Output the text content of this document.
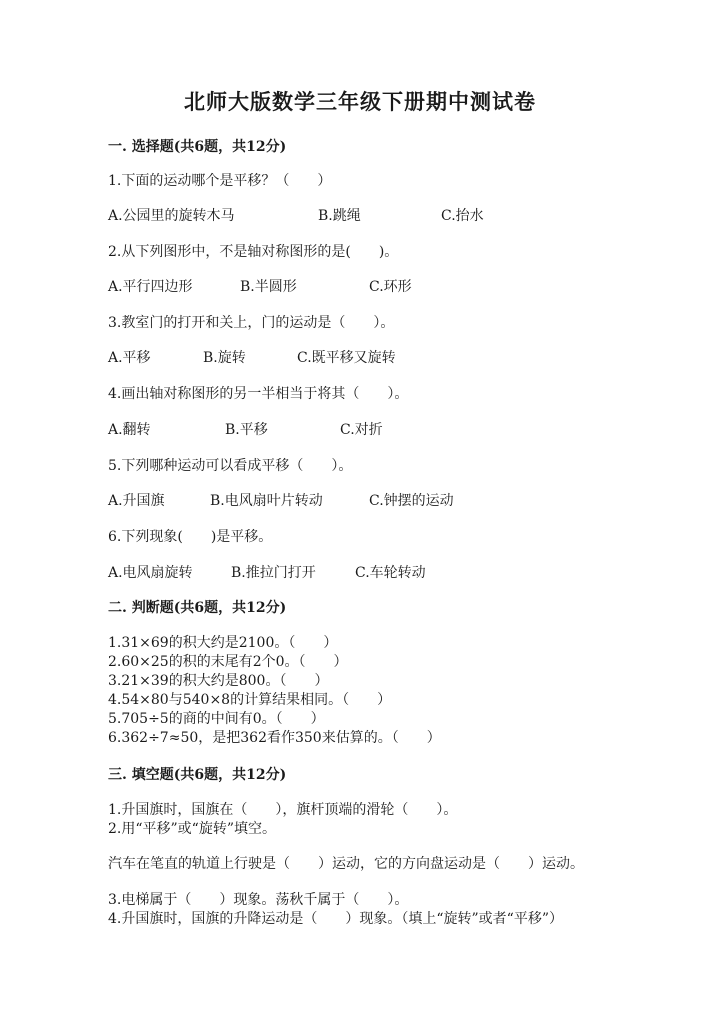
北师大版数学三年级下册期中测试卷
一. 选择题(共6题，共12分)
1.下面的运动哪个是平移？（　　）
A.公园里的旋转木马	B.跳绳	C.抬水
2.从下列图形中，不是轴对称图形的是(　　)。
A.平行四边形	B.半圆形	C.环形
3.教室门的打开和关上，门的运动是（　　）。
A.平移	B.旋转	C.既平移又旋转
4.画出轴对称图形的另一半相当于将其（　　）。
A.翻转	B.平移	C.对折
5.下列哪种运动可以看成平移（　　）。
A.升国旗	B.电风扇叶片转动	C.钟摆的运动
6.下列现象(　　)是平移。
A.电风扇旋转	B.推拉门打开	C.车轮转动
二. 判断题(共6题，共12分)
1.31×69的积大约是2100。（　　）
2.60×25的积的末尾有2个0。（　　）
3.21×39的积大约是800。（　　）
4.54×80与540×8的计算结果相同。（　　）
5.705÷5的商的中间有0。（　　）
6.362÷7≈50，是把362看作350来估算的。（　　）
三. 填空题(共6题，共12分)
1.升国旗时，国旗在（　　），旗杆顶端的滑轮（　　）。
2.用“平移”或“旋转”填空。
汽车在笔直的轨道上行驶是（　　）运动，它的方向盘运动是（　　）运动。
3.电梯属于（　　）现象。荡秋千属于（　　）。
4.升国旗时，国旗的升降运动是（　　）现象。（填上“旋转”或者“平移”）
